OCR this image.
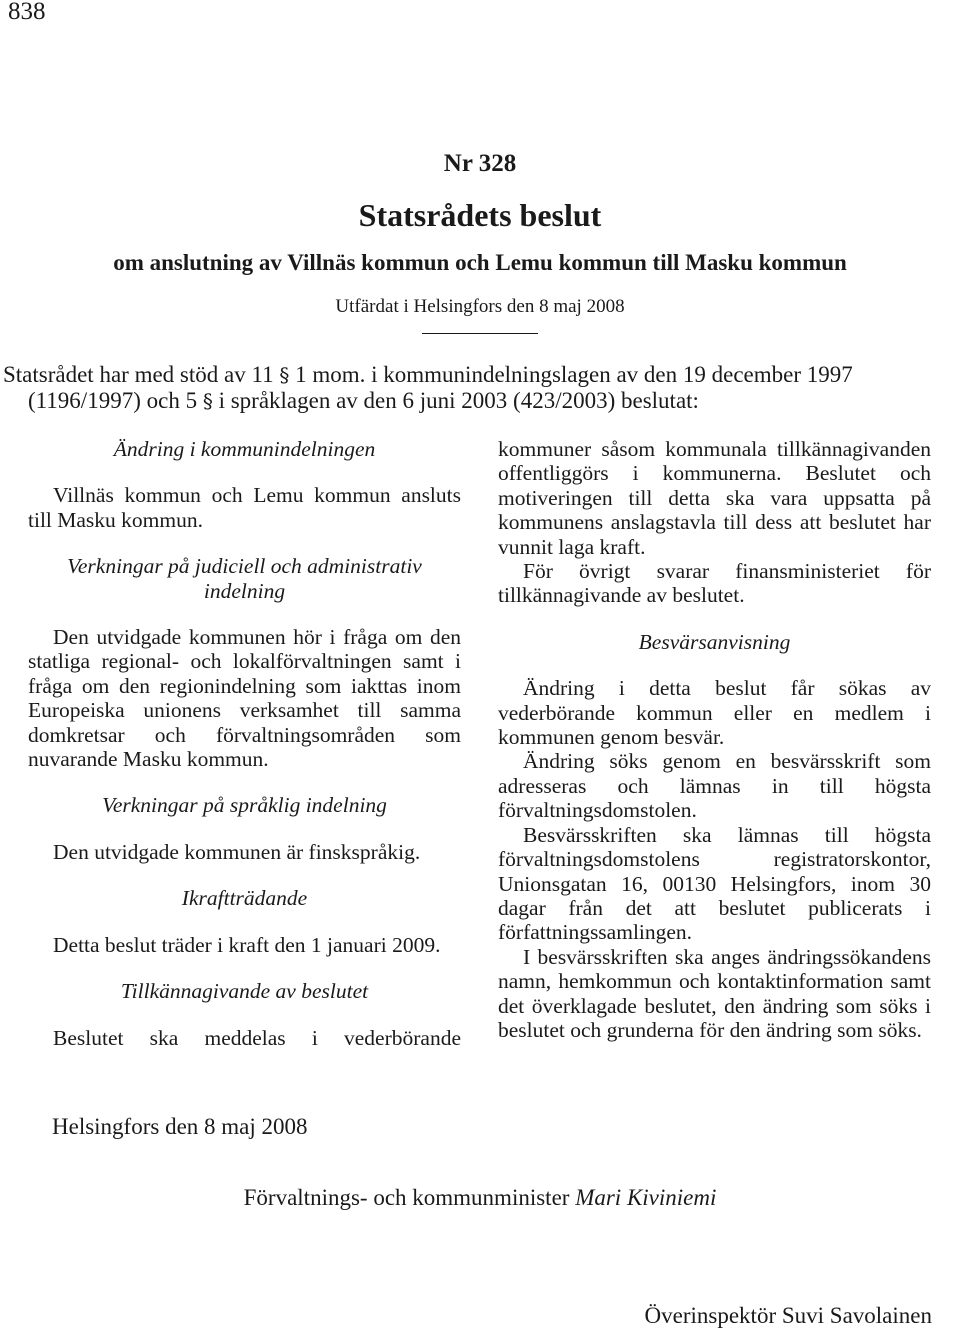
838
Nr 328
Statsrådets beslut
om anslutning av Villnäs kommun och Lemu kommun till Masku kommun
Utfärdat i Helsingfors den 8 maj 2008
Statsrådet har med stöd av 11 § 1 mom. i kommunindelningslagen av den 19 december 1997 (1196/1997) och 5 § i språklagen av den 6 juni 2003 (423/2003) beslutat:

Ändring i kommunindelningen

Villnäs kommun och Lemu kommun ansluts till Masku kommun.

Verkningar på judiciell och administrativ indelning

Den utvidgade kommunen hör i fråga om den statliga regional- och lokalförvaltningen samt i fråga om den regionindelning som iakttas inom Europeiska unionens verksamhet till samma domkretsar och förvaltningsområden som nuvarande Masku kommun.

Verkningar på språklig indelning

Den utvidgade kommunen är finskspråkig.

Ikraftträdande

Detta beslut träder i kraft den 1 januari 2009.

Tillkännagivande av beslutet

Beslutet ska meddelas i vederbörande

kommuner såsom kommunala tillkännagivanden offentliggörs i kommunerna. Beslutet och motiveringen till detta ska vara uppsatta på kommunens anslagstavla till dess att beslutet har vunnit laga kraft.

För övrigt svarar finansministeriet för tillkännagivande av beslutet.

Besvärsanvisning

Ändring i detta beslut får sökas av vederbörande kommun eller en medlem i kommunen genom besvär.

Ändring söks genom en besvärsskrift som adresseras och lämnas in till högsta förvaltningsdomstolen.

Besvärsskriften ska lämnas till högsta förvaltningsdomstolens registratorskontor, Unionsgatan 16, 00130 Helsingfors, inom 30 dagar från det att beslutet publicerats i författningssamlingen.

I besvärsskriften ska anges ändringssökandens namn, hemkommun och kontaktinformation samt det överklagade beslutet, den ändring som söks i beslutet och grunderna för den ändring som söks.

Helsingfors den 8 maj 2008
Förvaltnings- och kommunminister Mari Kiviniemi
Överinspektör Suvi Savolainen
